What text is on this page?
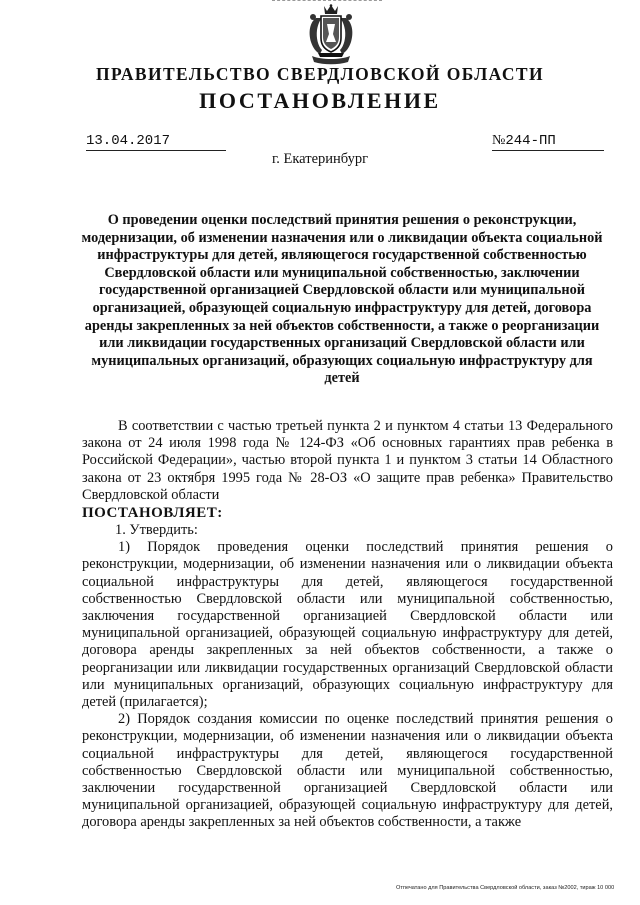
ПРАВИТЕЛЬСТВО СВЕРДЛОВСКОЙ ОБЛАСТИ
ПОСТАНОВЛЕНИЕ
13.04.2017	№244-ПП
г. Екатеринбург

О проведении оценки последствий принятия решения о реконструкции, модернизации, об изменении назначения или о ликвидации объекта социальной инфраструктуры для детей, являющегося государственной собственностью Свердловской области или муниципальной собственностью, заключении государственной организацией Свердловской области или муниципальной организацией, образующей социальную инфраструктуру для детей, договора аренды закрепленных за ней объектов собственности, а также о реорганизации или ликвидации государственных организаций Свердловской области или муниципальных организаций, образующих социальную инфраструктуру для детей

В соответствии с частью третьей пункта 2 и пунктом 4 статьи 13 Федерального закона от 24 июля 1998 года № 124-ФЗ «Об основных гарантиях прав ребенка в Российской Федерации», частью второй пункта 1 и пунктом 3 статьи 14 Областного закона от 23 октября 1995 года № 28-ОЗ «О защите прав ребенка» Правительство Свердловской области

ПОСТАНОВЛЯЕТ:

1. Утвердить:

1) Порядок проведения оценки последствий принятия решения о реконструкции, модернизации, об изменении назначения или о ликвидации объекта социальной инфраструктуры для детей, являющегося государственной собственностью Свердловской области или муниципальной собственностью, заключения государственной организацией Свердловской области или муниципальной организацией, образующей социальную инфраструктуру для детей, договора аренды закрепленных за ней объектов собственности, а также о реорганизации или ликвидации государственных организаций Свердловской области или муниципальных организаций, образующих социальную инфраструктуру для детей (прилагается);

2) Порядок создания комиссии по оценке последствий принятия решения о реконструкции, модернизации, об изменении назначения или о ликвидации объекта социальной инфраструктуры для детей, являющегося государственной собственностью Свердловской области или муниципальной собственностью, заключении государственной организацией Свердловской области или муниципальной организацией, образующей социальную инфраструктуру для детей, договора аренды закрепленных за ней объектов собственности, а также

Отпечатано для Правительства Свердловской области, заказ №2002, тираж 10 000
